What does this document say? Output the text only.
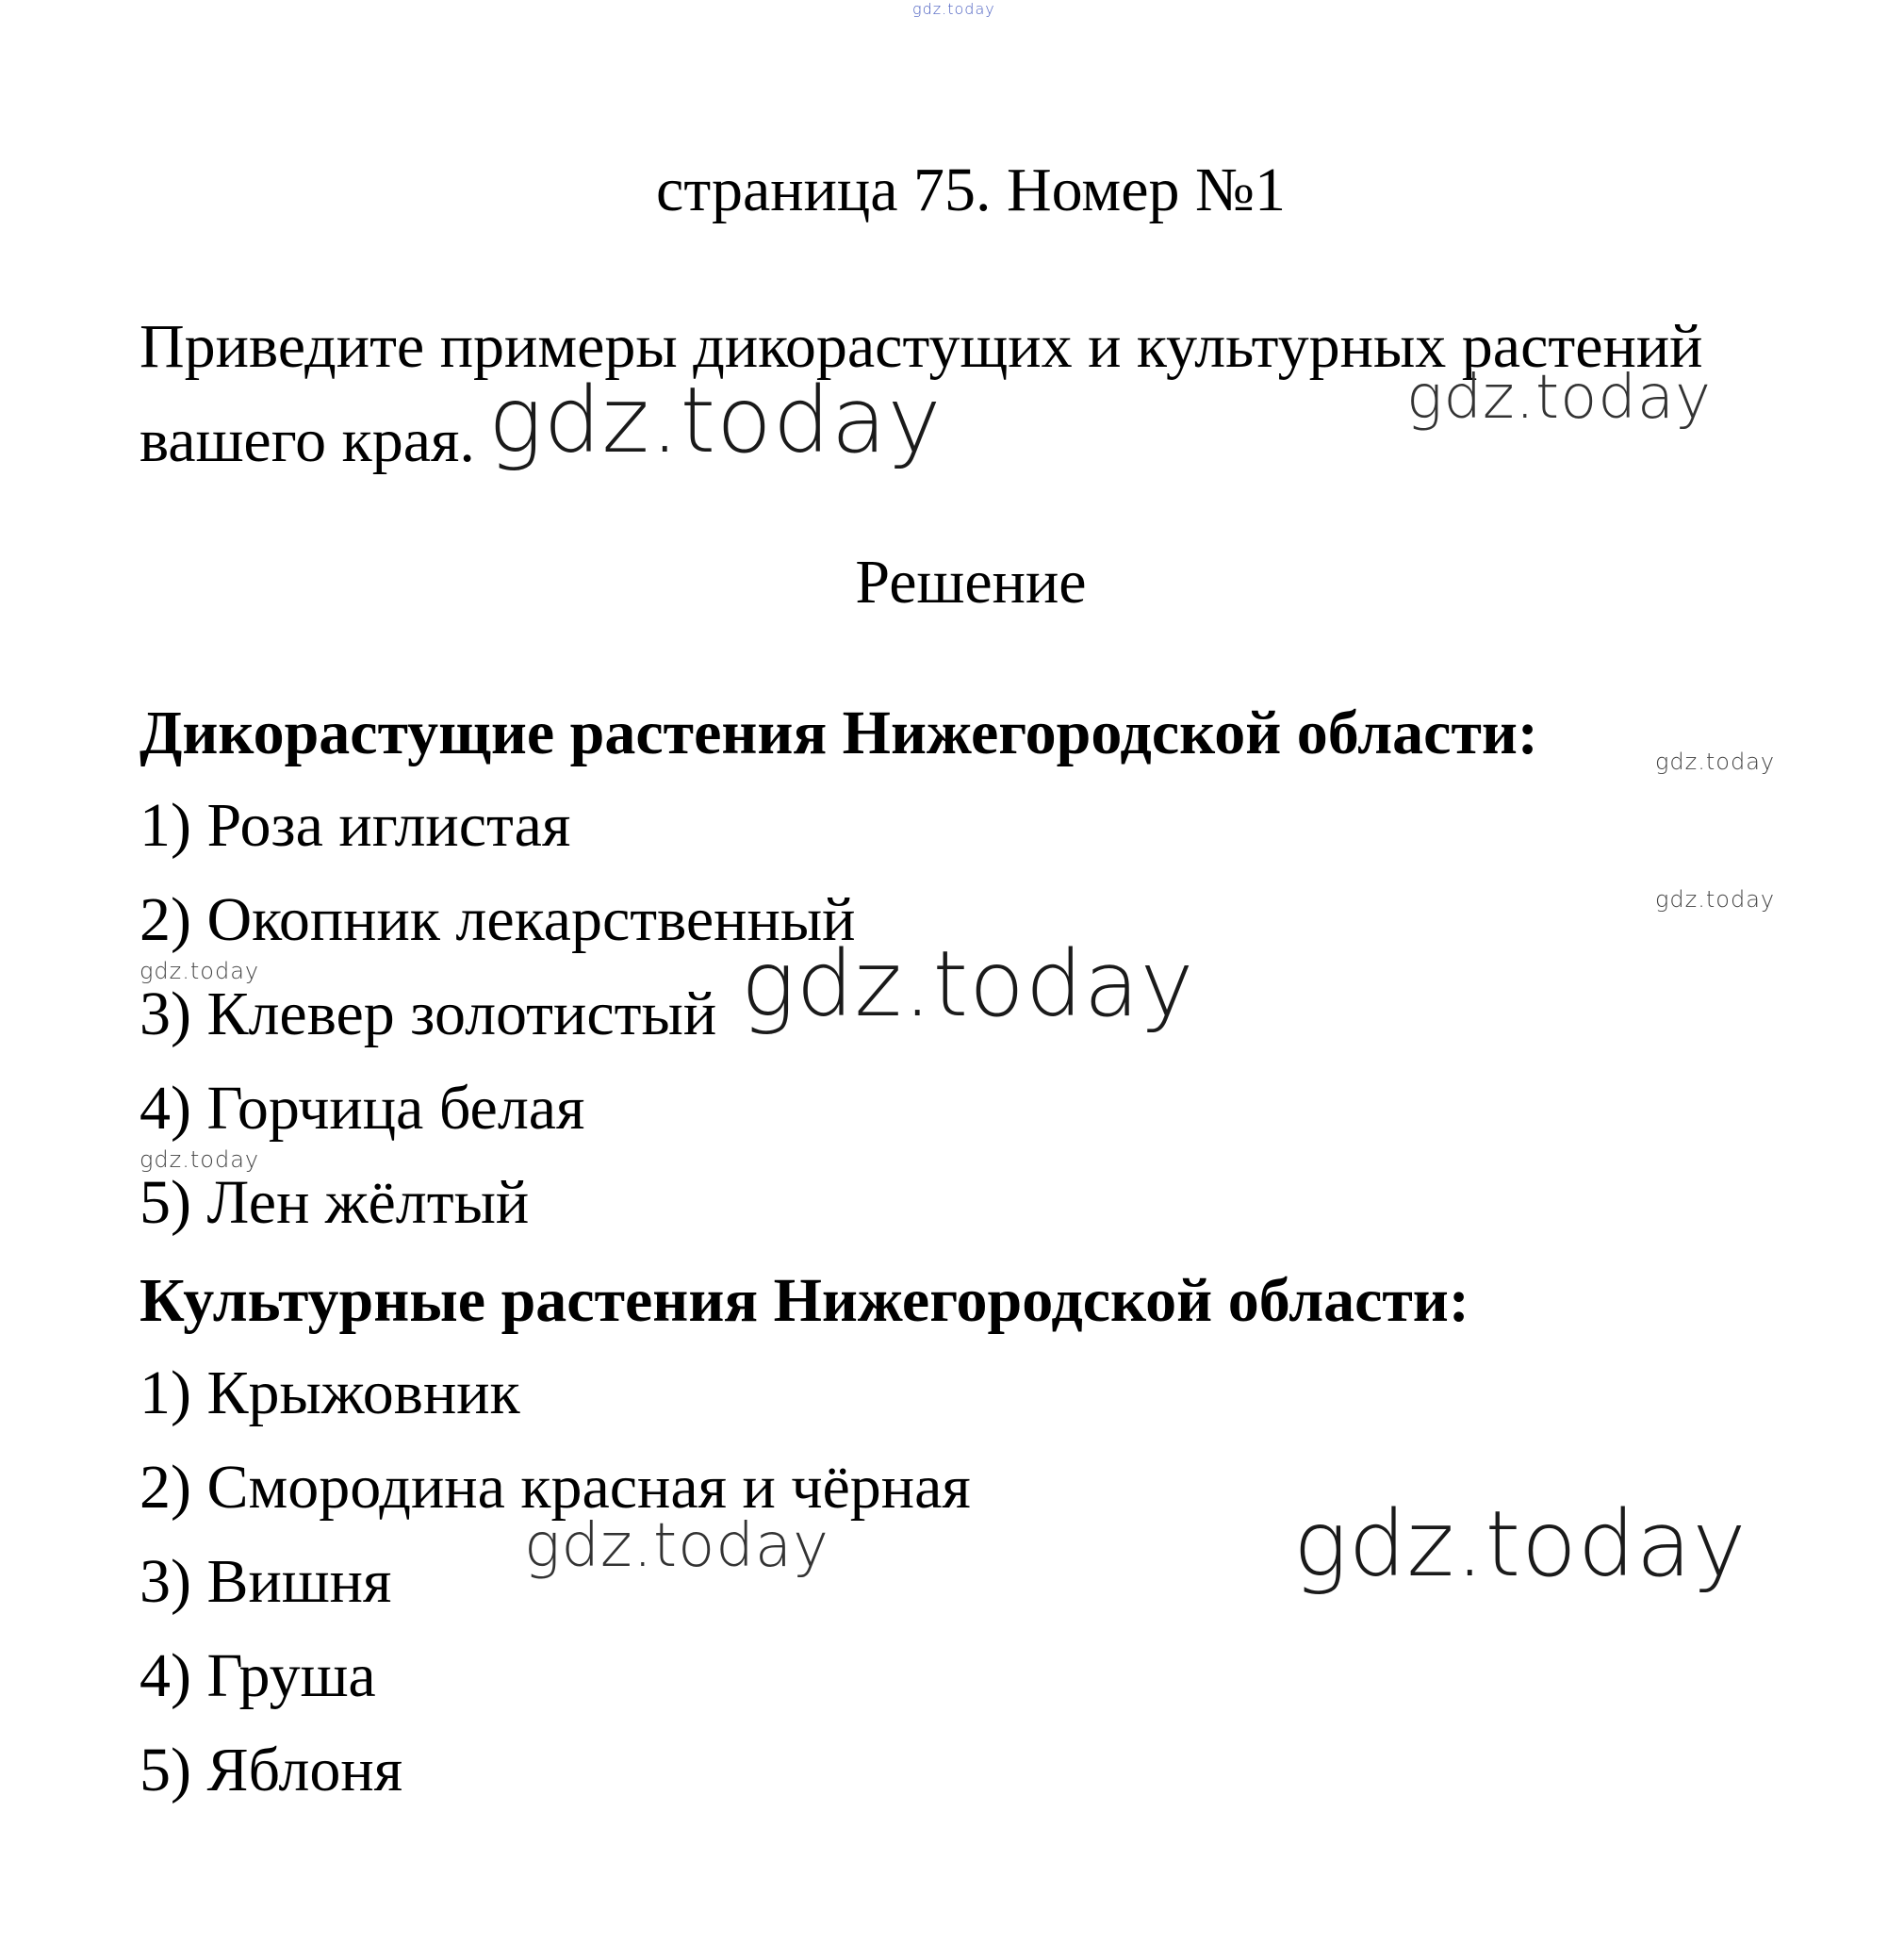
gdz.today
страница 75. Номер №1
Приведите примеры дикорастущих и культурных растений вашего края.
Решение
Дикорастущие растения Нижегородской области:
1) Роза иглистая
2) Окопник лекарственный
3) Клевер золотистый
4) Горчица белая
5) Лен жёлтый
Культурные растения Нижегородской области:
1) Крыжовник
2) Смородина красная и чёрная
3) Вишня
4) Груша
5) Яблоня
gdz.today	gdz.today
gdz.today
gdz.today
gdz.today	gdz.today
gdz.today
gdz.today	gdz.today
